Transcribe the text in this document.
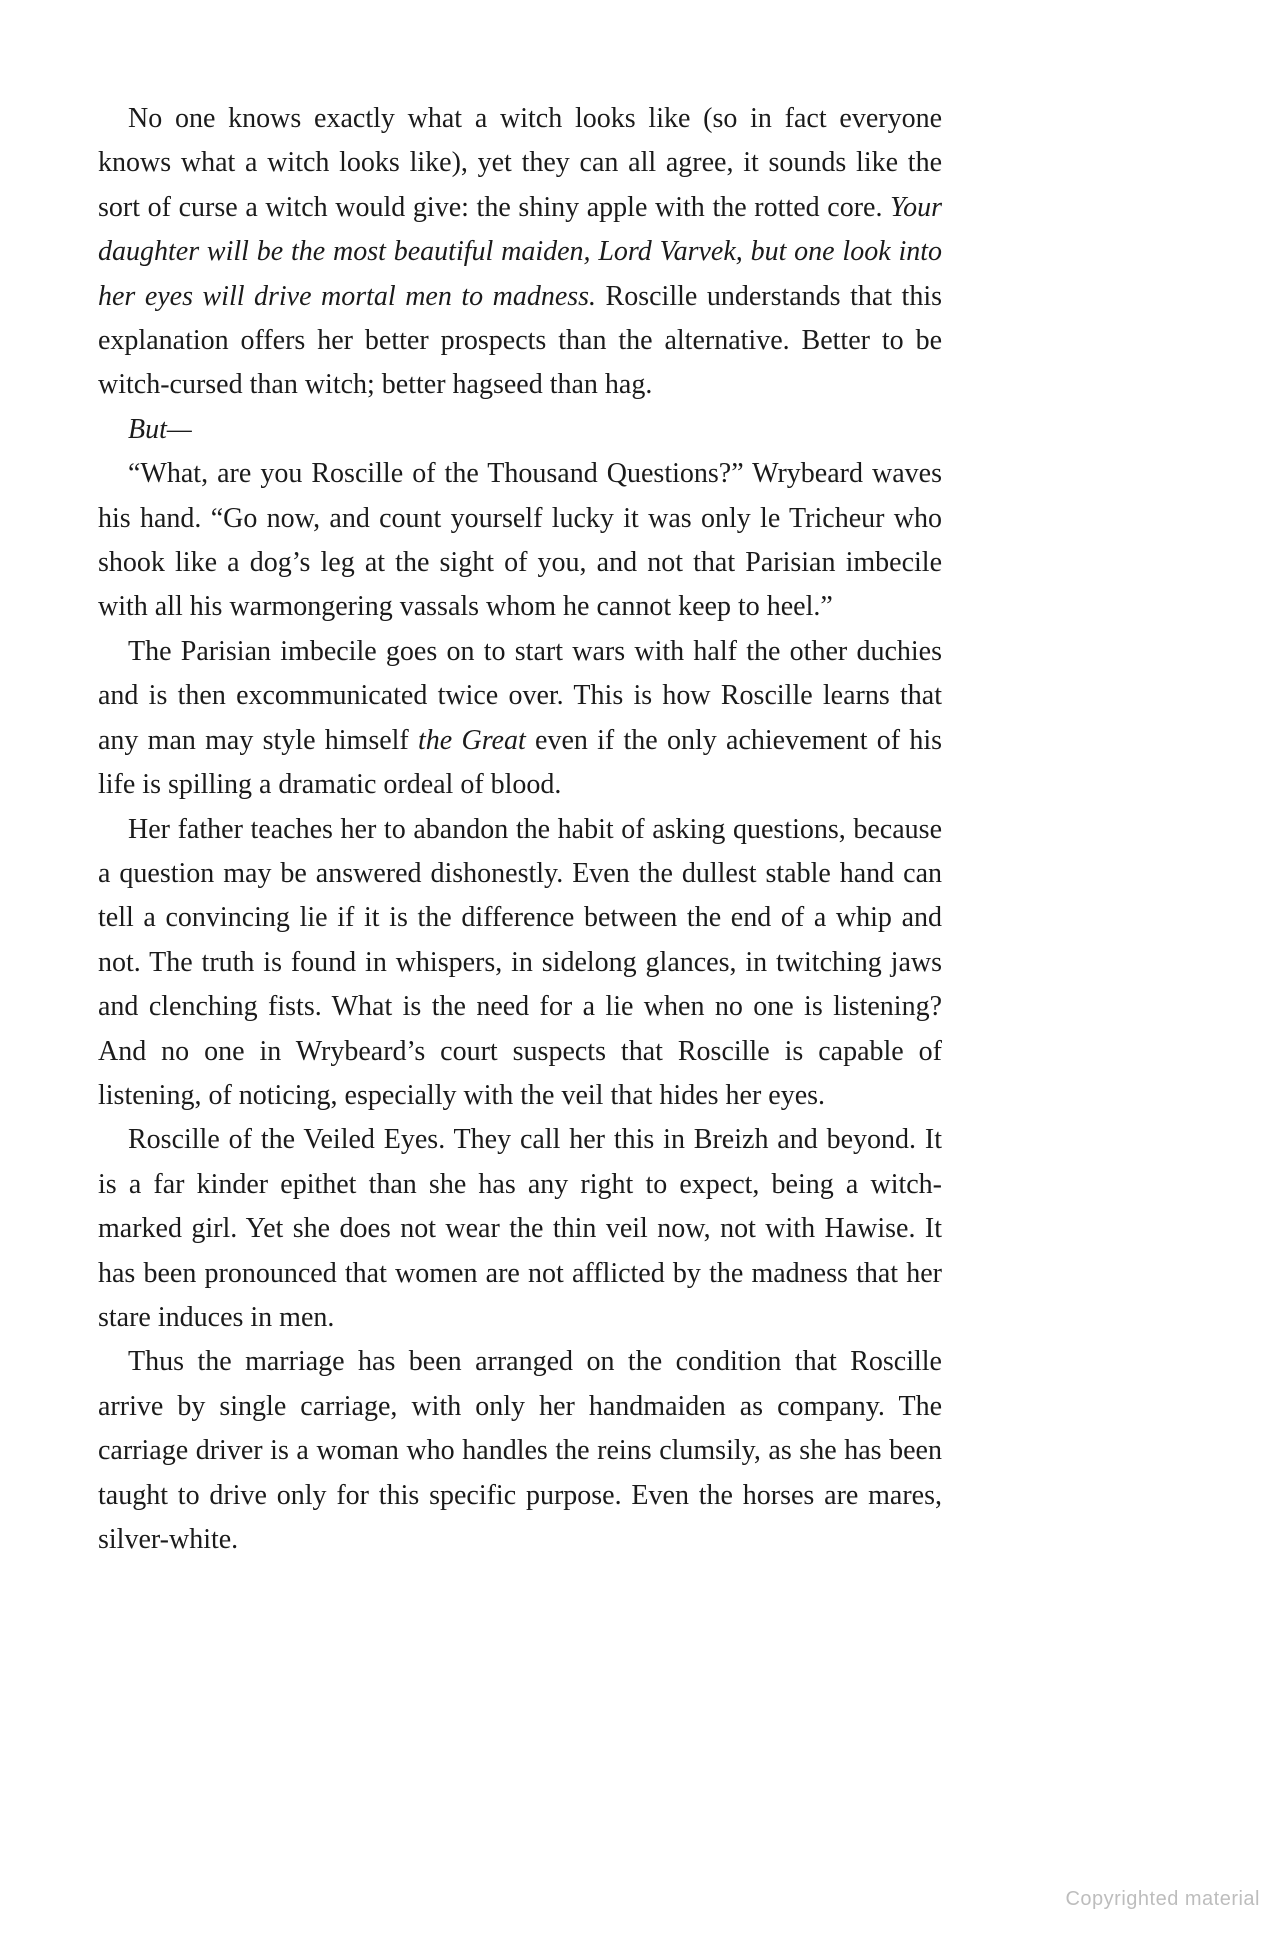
No one knows exactly what a witch looks like (so in fact everyone knows what a witch looks like), yet they can all agree, it sounds like the sort of curse a witch would give: the shiny apple with the rotted core. Your daughter will be the most beautiful maiden, Lord Varvek, but one look into her eyes will drive mortal men to madness. Roscille understands that this explanation offers her better prospects than the alternative. Better to be witch-cursed than witch; better hagseed than hag.

But—

“What, are you Roscille of the Thousand Questions?” Wrybeard waves his hand. “Go now, and count yourself lucky it was only le Tricheur who shook like a dog’s leg at the sight of you, and not that Parisian imbecile with all his warmongering vassals whom he cannot keep to heel.”

The Parisian imbecile goes on to start wars with half the other duchies and is then excommunicated twice over. This is how Roscille learns that any man may style himself the Great even if the only achievement of his life is spilling a dramatic ordeal of blood.

Her father teaches her to abandon the habit of asking questions, because a question may be answered dishonestly. Even the dullest stable hand can tell a convincing lie if it is the difference between the end of a whip and not. The truth is found in whispers, in sidelong glances, in twitching jaws and clenching fists. What is the need for a lie when no one is listening? And no one in Wrybeard’s court suspects that Roscille is capable of listening, of noticing, especially with the veil that hides her eyes.

Roscille of the Veiled Eyes. They call her this in Breizh and beyond. It is a far kinder epithet than she has any right to expect, being a witch-marked girl. Yet she does not wear the thin veil now, not with Hawise. It has been pronounced that women are not afflicted by the madness that her stare induces in men.

Thus the marriage has been arranged on the condition that Roscille arrive by single carriage, with only her handmaiden as company. The carriage driver is a woman who handles the reins clumsily, as she has been taught to drive only for this specific purpose. Even the horses are mares, silver-white.

Copyrighted material
